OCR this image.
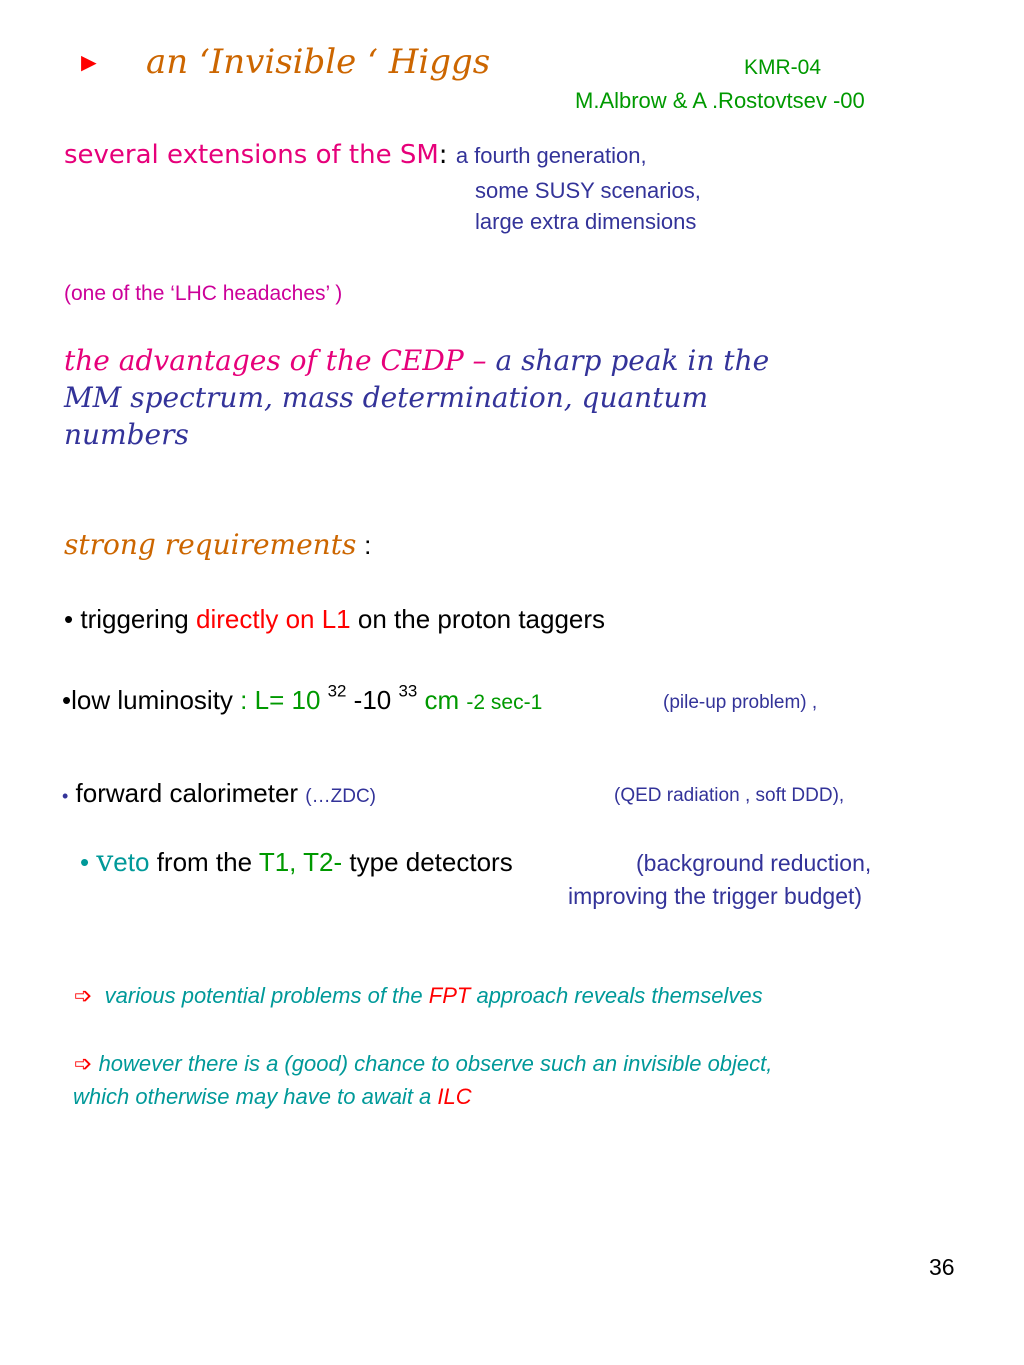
► an ‘Invisible ‘ Higgs	KMR-04
M.Albrow & A .Rostovtsev -00
several extensions of the SM: a fourth generation,
some SUSY scenarios,
large extra dimensions
(one of the ‘LHC headaches’ )
the advantages of the CEDP – a sharp peak in the
MM spectrum, mass determination, quantum
numbers
strong requirements :
• triggering directly on L1 on the proton taggers
•low luminosity : L= 10 $^{32}$ -10 $^{33}$ cm -2 sec-1	(pile-up problem) ,
• forward calorimeter (…ZDC)	(QED radiation , soft DDD),
• veto from the T1, T2- type detectors	(background reduction,
improving the trigger budget)
➩ various potential problems of the FPT approach reveals themselves
➩ however there is a (good) chance to observe such an invisible object,
which otherwise may have to await a ILC
36
